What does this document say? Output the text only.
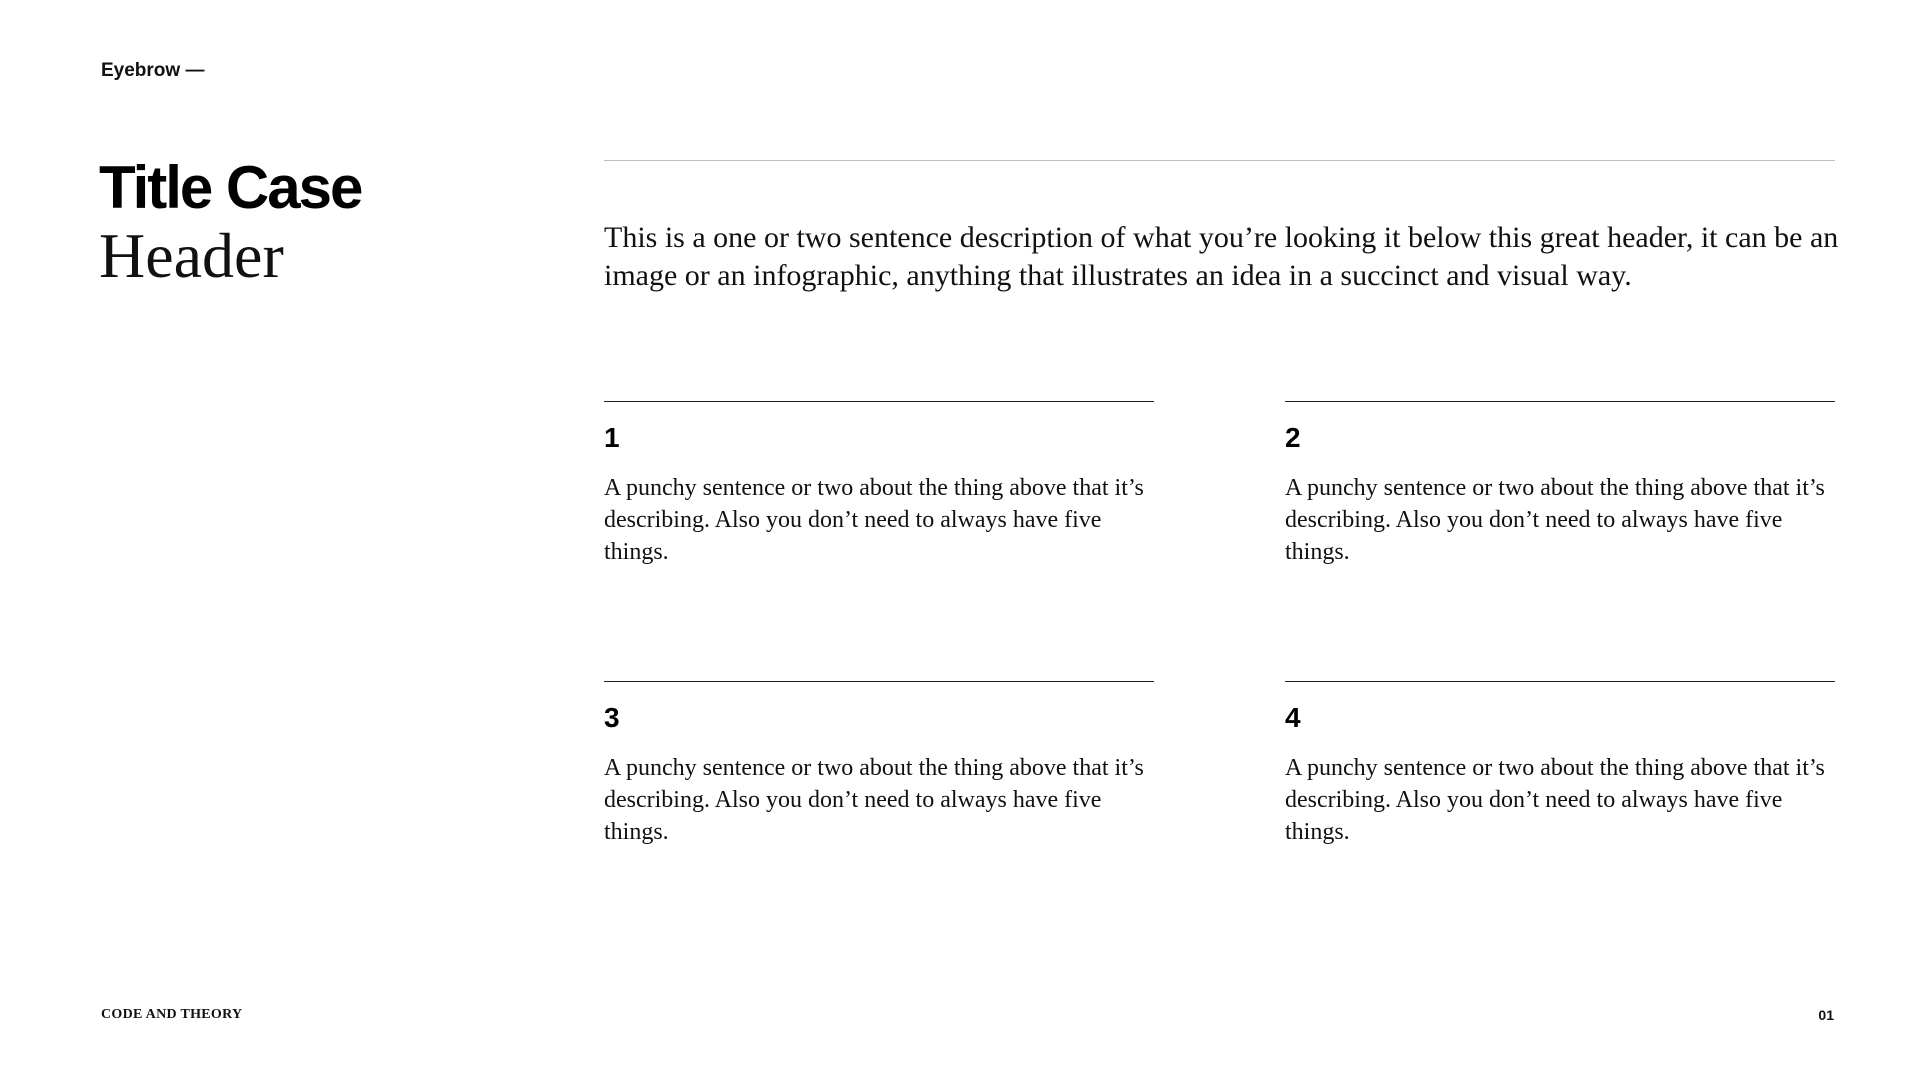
Eyebrow —
Title Case
Header	This is a one or two sentence description of what you’re looking it below this great header, it can be an image or an infographic, anything that illustrates an idea in a succinct and visual way.

1
A punchy sentence or two about the thing above that it’s describing. Also you don’t need to always have five things.
2
A punchy sentence or two about the thing above that it’s describing. Also you don’t need to always have five things.
3
A punchy sentence or two about the thing above that it’s describing. Also you don’t need to always have five things.
4
A punchy sentence or two about the thing above that it’s describing. Also you don’t need to always have five things.
CODE AND THEORY	01
